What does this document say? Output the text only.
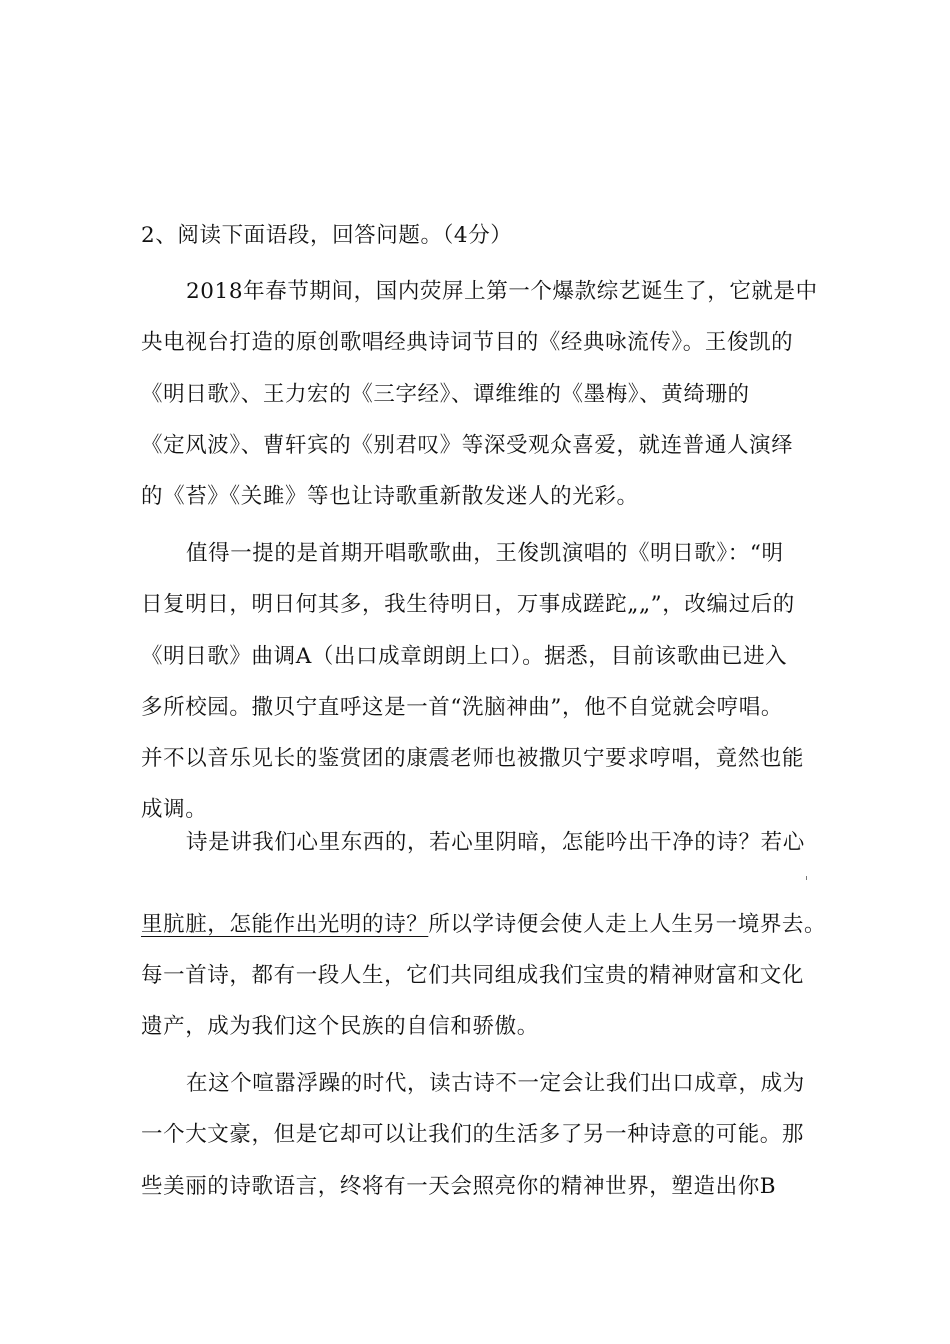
2、阅读下面语段，回答问题。（4分）
2018年春节期间，国内荧屏上第一个爆款综艺诞生了，它就是中
央电视台打造的原创歌唱经典诗词节目的《经典咏流传》。王俊凯的
《明日歌》、王力宏的《三字经》、谭维维的《墨梅》、黄绮珊的
《定风波》、曹轩宾的《别君叹》等深受观众喜爱，就连普通人演绎
的《苔》《关雎》等也让诗歌重新散发迷人的光彩。
值得一提的是首期开唱歌歌曲，王俊凯演唱的《明日歌》：“明
日复明日，明日何其多，我生待明日，万事成蹉跎„„”，改编过后的
《明日歌》曲调A（出口成章朗朗上口）。据悉，目前该歌曲已进入
多所校园。撒贝宁直呼这是一首“洗脑神曲”，他不自觉就会哼唱。
并不以音乐见长的鉴赏团的康震老师也被撒贝宁要求哼唱，竟然也能
成调。
诗是讲我们心里东西的，若心里阴暗，怎能吟出干净的诗？若心
里肮脏，怎能作出光明的诗？所以学诗便会使人走上人生另一境界去。
每一首诗，都有一段人生，它们共同组成我们宝贵的精神财富和文化
遗产，成为我们这个民族的自信和骄傲。
在这个喧嚣浮躁的时代，读古诗不一定会让我们出口成章，成为
一个大文豪，但是它却可以让我们的生活多了另一种诗意的可能。那
些美丽的诗歌语言，终将有一天会照亮你的精神世界，塑造出你B
